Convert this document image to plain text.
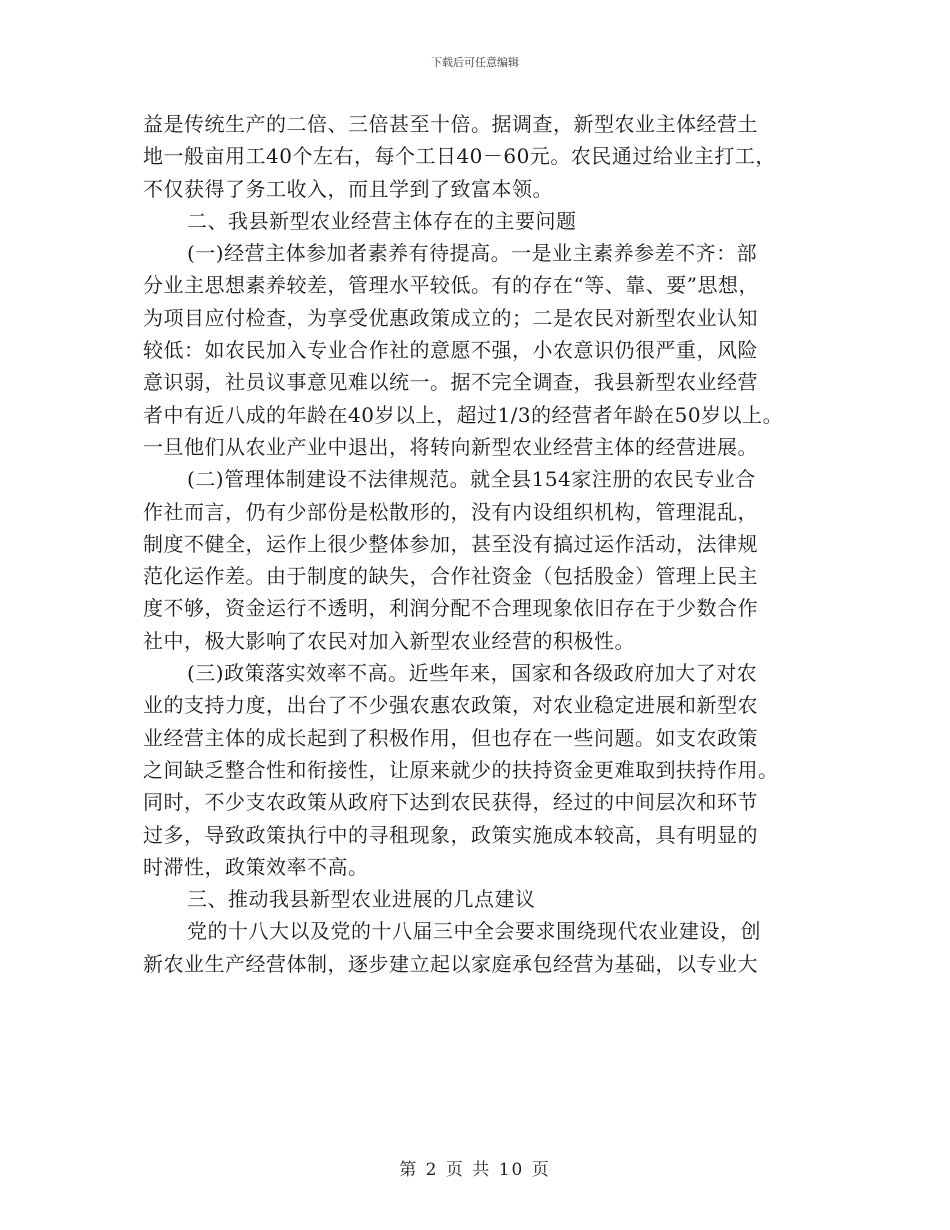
下载后可任意编辑
益是传统生产的二倍、三倍甚至十倍。据调查，新型农业主体经营土
地一般亩用工40个左右，每个工日40－60元。农民通过给业主打工，
不仅获得了务工收入，而且学到了致富本领。
二、我县新型农业经营主体存在的主要问题
(一)经营主体参加者素养有待提高。一是业主素养参差不齐：部
分业主思想素养较差，管理水平较低。有的存在“等、靠、要”思想，
为项目应付检查，为享受优惠政策成立的；二是农民对新型农业认知
较低：如农民加入专业合作社的意愿不强，小农意识仍很严重，风险
意识弱，社员议事意见难以统一。据不完全调查，我县新型农业经营
者中有近八成的年龄在40岁以上，超过1/3的经营者年龄在50岁以上。
一旦他们从农业产业中退出，将转向新型农业经营主体的经营进展。
(二)管理体制建设不法律规范。就全县154家注册的农民专业合
作社而言，仍有少部份是松散形的，没有内设组织机构，管理混乱，
制度不健全，运作上很少整体参加，甚至没有搞过运作活动，法律规
范化运作差。由于制度的缺失，合作社资金（包括股金）管理上民主
度不够，资金运行不透明，利润分配不合理现象依旧存在于少数合作
社中，极大影响了农民对加入新型农业经营的积极性。
(三)政策落实效率不高。近些年来，国家和各级政府加大了对农
业的支持力度，出台了不少强农惠农政策，对农业稳定进展和新型农
业经营主体的成长起到了积极作用，但也存在一些问题。如支农政策
之间缺乏整合性和衔接性，让原来就少的扶持资金更难取到扶持作用。
同时，不少支农政策从政府下达到农民获得，经过的中间层次和环节
过多，导致政策执行中的寻租现象，政策实施成本较高，具有明显的
时滞性，政策效率不高。
三、推动我县新型农业进展的几点建议
党的十八大以及党的十八届三中全会要求围绕现代农业建设，创
新农业生产经营体制，逐步建立起以家庭承包经营为基础，以专业大
第 2 页 共 10 页
